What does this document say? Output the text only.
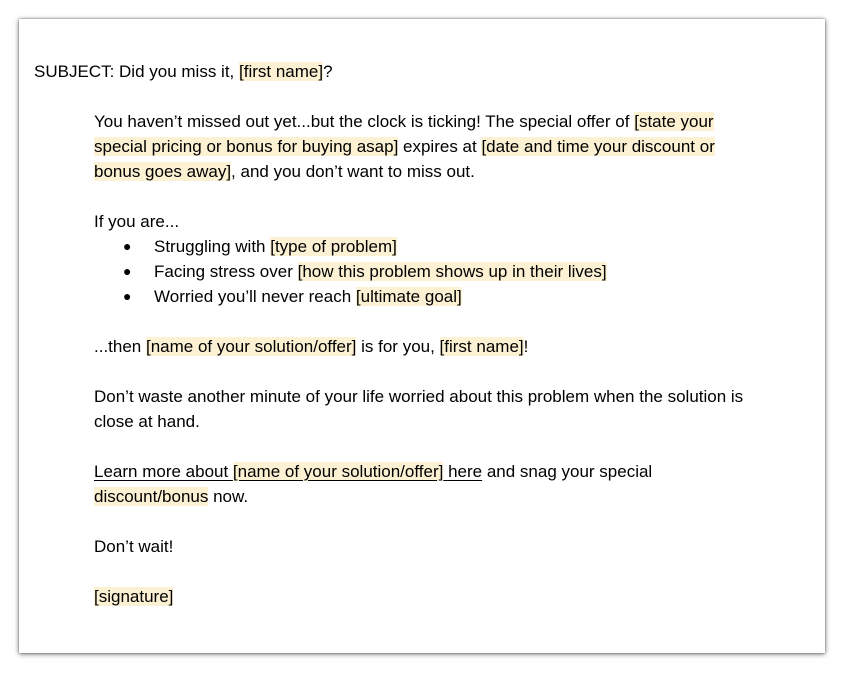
SUBJECT: Did you miss it, [first name]?
You haven’t missed out yet...but the clock is ticking! The special offer of [state your
special pricing or bonus for buying asap] expires at [date and time your discount or
bonus goes away], and you don’t want to miss out.
If you are...
● Struggling with [type of problem]
● Facing stress over [how this problem shows up in their lives]
● Worried you’ll never reach [ultimate goal]
...then [name of your solution/offer] is for you, [first name]!
Don’t waste another minute of your life worried about this problem when the solution is
close at hand.
Learn more about [name of your solution/offer] here and snag your special
discount/bonus now.
Don’t wait!
[signature]
